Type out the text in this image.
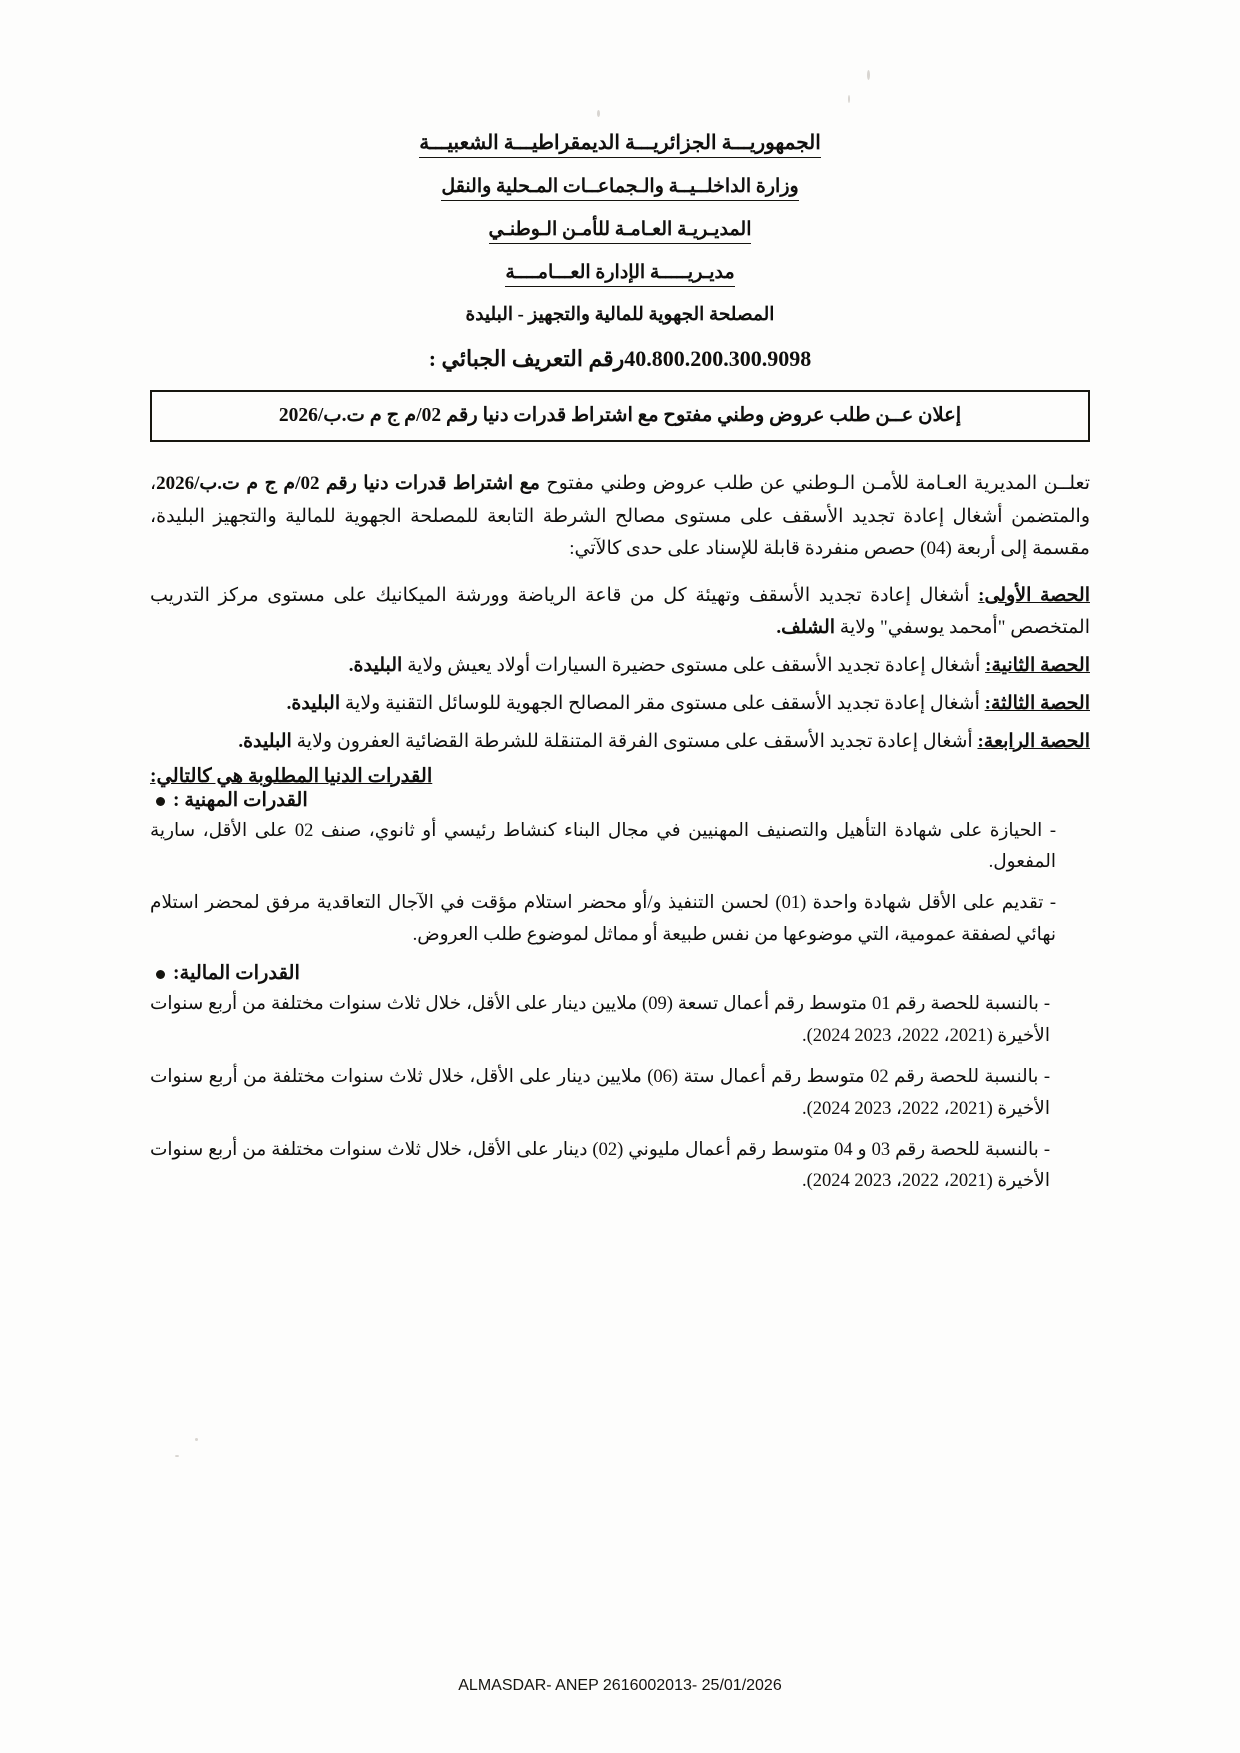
الجمهوريـــة الجزائريـــة الديمقراطيـــة الشعبيـــة
وزارة الداخلــيــة والـجماعــات المـحلية والنقل
المديـريـة العـامـة للأمـن الـوطنـي
مديـريـــــة الإدارة العـــامــــة
المصلحة الجهوية للمالية والتجهيز - البليدة
40.800.200.300.9098رقم التعريف الجبائي :
إعلان عــن طلب عروض وطني مفتوح مع اشتراط قدرات دنيا رقم 02/م ج م ت.ب/2026

تعلــن المديرية العـامة للأمـن الـوطني عن طلب عروض وطني مفتوح مع اشتراط قدرات دنيا رقم 02/م ج م ت.ب/2026، والمتضمن أشغال إعادة تجديد الأسقف على مستوى مصالح الشرطة التابعة للمصلحة الجهوية للمالية والتجهيز البليدة، مقسمة إلى أربعة (04) حصص منفردة قابلة للإسناد على حدى كالآتي:

الحصة الأولى: أشغال إعادة تجديد الأسقف وتهيئة كل من قاعة الرياضة وورشة الميكانيك على مستوى مركز التدريب المتخصص "أمحمد يوسفي" ولاية الشلف.

الحصة الثانية: أشغال إعادة تجديد الأسقف على مستوى حضيرة السيارات أولاد يعيش ولاية البليدة.

الحصة الثالثة: أشغال إعادة تجديد الأسقف على مستوى مقر المصالح الجهوية للوسائل التقنية ولاية البليدة.

الحصة الرابعة: أشغال إعادة تجديد الأسقف على مستوى الفرقة المتنقلة للشرطة القضائية العفرون ولاية البليدة.

القدرات الدنيا المطلوبة هي كالتالي:
القدرات المهنية :
- الحيازة على شهادة التأهيل والتصنيف المهنيين في مجال البناء كنشاط رئيسي أو ثانوي، صنف 02 على الأقل، سارية المفعول.
- تقديم على الأقل شهادة واحدة (01) لحسن التنفيذ و/أو محضر استلام مؤقت في الآجال التعاقدية مرفق لمحضر استلام نهائي لصفقة عمومية، التي موضوعها من نفس طبيعة أو مماثل لموضوع طلب العروض.
القدرات المالية:
- بالنسبة للحصة رقم 01 متوسط رقم أعمال تسعة (09) ملايين دينار على الأقل، خلال ثلاث سنوات مختلفة من أربع سنوات الأخيرة (2021، 2022، 2023 2024).
- بالنسبة للحصة رقم 02 متوسط رقم أعمال ستة (06) ملايين دينار على الأقل، خلال ثلاث سنوات مختلفة من أربع سنوات الأخيرة (2021، 2022، 2023 2024).
- بالنسبة للحصة رقم 03 و 04 متوسط رقم أعمال مليوني (02) دينار على الأقل، خلال ثلاث سنوات مختلفة من أربع سنوات الأخيرة (2021، 2022، 2023 2024).
ALMASDAR- ANEP 2616002013- 25/01/2026
